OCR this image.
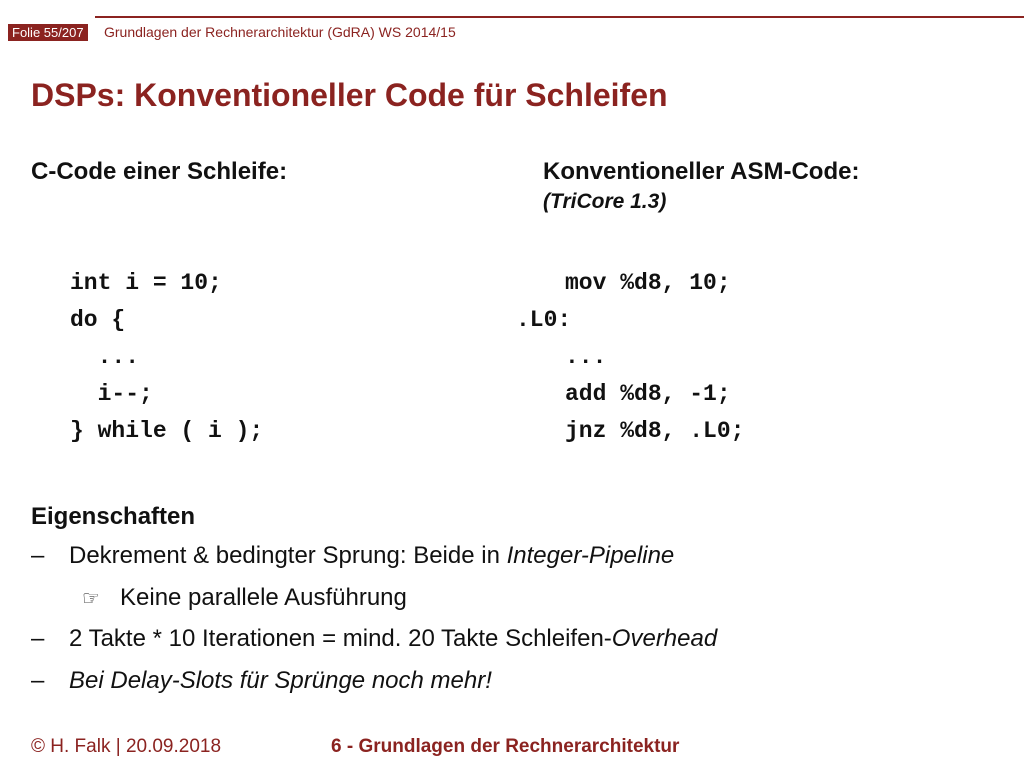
Folie 55/207 Grundlagen der Rechnerarchitektur (GdRA) WS 2014/15
DSPs: Konventioneller Code für Schleifen
C-Code einer Schleife:	Konventioneller ASM-Code:
(TriCore 1.3)
int i = 10;
do {
...
i--;
} while ( i );
mov %d8, 10;
.L0:
...
add %d8, -1;
jnz %d8, .L0;
Eigenschaften
– Dekrement & bedingter Sprung: Beide in Integer-Pipeline
☞ Keine parallele Ausführung
– 2 Takte * 10 Iterationen = mind. 20 Takte Schleifen-Overhead
– Bei Delay-Slots für Sprünge noch mehr!
© H. Falk | 20.09.2018	6 - Grundlagen der Rechnerarchitektur
